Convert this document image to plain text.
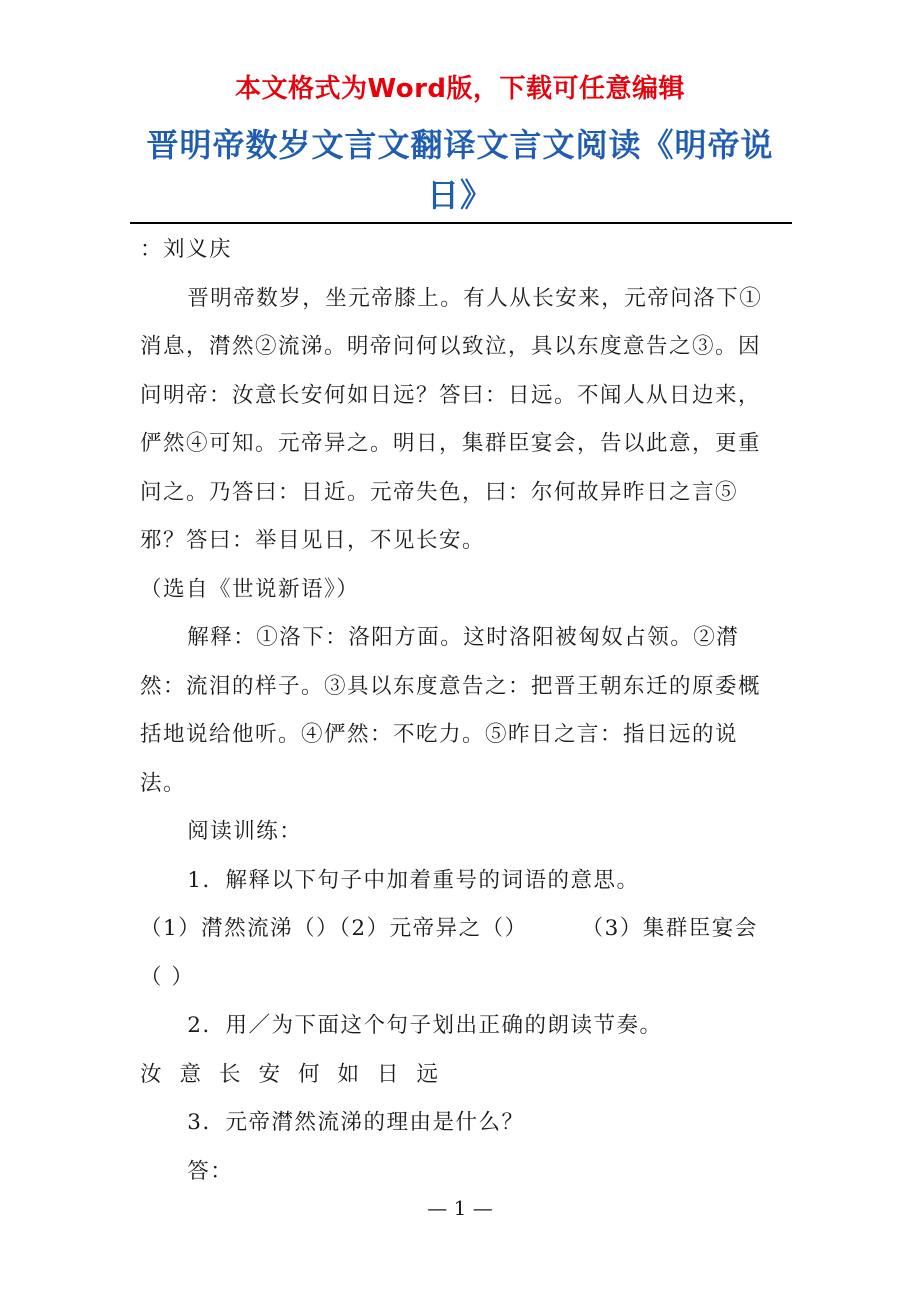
本文格式为Word版，下载可任意编辑
晋明帝数岁文言文翻译文言文阅读《明帝说日》

：刘义庆

晋明帝数岁，坐元帝膝上。有人从长安来，元帝问洛下①消息，潸然②流涕。明帝问何以致泣，具以东度意告之③。因问明帝：汝意长安何如日远？答曰：日远。不闻人从日边来，俨然④可知。元帝异之。明日，集群臣宴会，告以此意，更重问之。乃答曰：日近。元帝失色，曰：尔何故异昨日之言⑤邪？答曰：举目见日，不见长安。

（选自《世说新语》）

解释：①洛下：洛阳方面。这时洛阳被匈奴占领。②潸然：流泪的样子。③具以东度意告之：把晋王朝东迁的原委概括地说给他听。④俨然：不吃力。⑤昨日之言：指日远的说法。

阅读训练：

1．解释以下句子中加着重号的词语的意思。

（1）潸然流涕（）（2）元帝异之（）	（3）集群臣宴会（ ）

2．用／为下面这个句子划出正确的朗读节奏。

汝意长安何如日远

3．元帝潸然流涕的理由是什么？

答：

— 1 —
